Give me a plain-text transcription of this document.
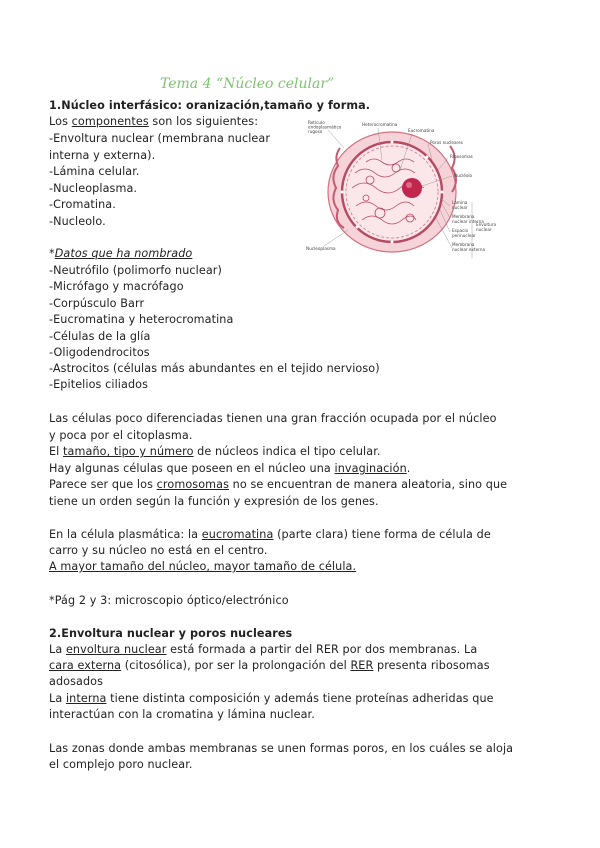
Tema 4 “Núcleo celular”
1.Núcleo interfásico: oranización,tamaño y forma.
Los componentes son los siguientes:
-Envoltura nuclear (membrana nuclear
interna y externa).
-Lámina celular.
-Nucleoplasma.
-Cromatina.
-Nucleolo.
*Datos que ha nombrado
-Neutrófilo (polimorfo nuclear)
-Micrófago y macrófago
-Corpúsculo Barr
-Eucromatina y heterocromatina
-Células de la glía
-Oligodendrocitos
-Astrocitos (células más abundantes en el tejido nervioso)
-Epitelios ciliados
Las células poco diferenciadas tienen una gran fracción ocupada por el núcleo
y poca por el citoplasma.
El tamaño, tipo y número de núcleos indica el tipo celular.
Hay algunas células que poseen en el núcleo una invaginación.
Parece ser que los cromosomas no se encuentran de manera aleatoria, sino que
tiene un orden según la función y expresión de los genes.
En la célula plasmática: la eucromatina (parte clara) tiene forma de célula de
carro y su núcleo no está en el centro.
A mayor tamaño del núcleo, mayor tamaño de célula.
*Pág 2 y 3: microscopio óptico/electrónico
2.Envoltura nuclear y poros nucleares
La envoltura nuclear está formada a partir del RER por dos membranas. La
cara externa (citosólica), por ser la prolongación del RER presenta ribosomas
adosados
La interna tiene distinta composición y además tiene proteínas adheridas que
interactúan con la cromatina y lámina nuclear.
Las zonas donde ambas membranas se unen formas poros, en los cuáles se aloja
el complejo poro nuclear.
Retículo
endoplasmático
rugoso
Heterocromatina
Eucromatina
Poros nucleares
Ribosomas
Nucléolo
Lámina
nuclear
Membrana
nuclear interna
Espacio
perinuclear
Membrana
nuclear externa
Envoltura
nuclear
Nucleoplasma
